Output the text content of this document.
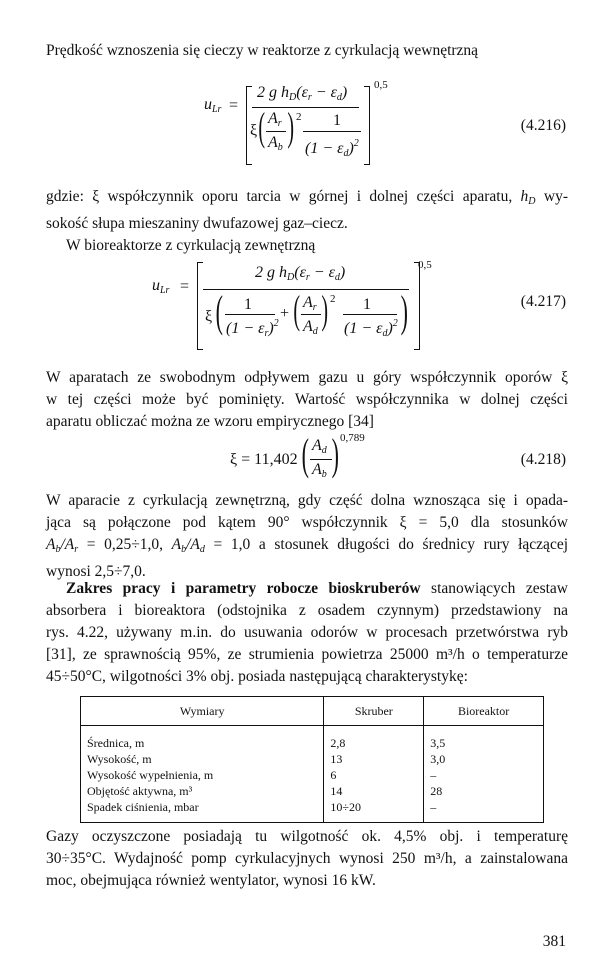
Prędkość wznoszenia się cieczy w reaktorze z cyrkulacją wewnętrzną

$u_{Lr}$ =
2 g $h_D(\varepsilon_r - \varepsilon_d)$
ξ ( $A_r$
$A_b$ ) 2 1
$(1 - \varepsilon_d)^2$
0,5
(4.216)
gdzie: ξ współczynnik oporu tarcia w górnej i dolnej części aparatu, $h_D$ wy-
sokość słupa mieszaniny dwufazowej gaz–ciecz.
W bioreaktorze z cyrkulacją zewnętrzną
$u_{Lr}$ =
2 g $h_D(\varepsilon_r - \varepsilon_d)$
ξ ( 1
$(1 - \varepsilon_r)^2$
+ ( $A_r$
$A_d$ ) 2 1
$(1 - \varepsilon_d)^2$ )
0,5
(4.217)
W aparatach ze swobodnym odpływem gazu u góry współczynnik oporów ξ
w tej części może być pominięty. Wartość współczynnika w dolnej części
aparatu obliczać można ze wzoru empirycznego [34]
ξ = 11,402 ( $A_d$
$A_b$ ) 0,789
(4.218)
W aparacie z cyrkulacją zewnętrzną, gdy część dolna wznosząca się i opada-
jąca są połączone pod kątem 90° współczynnik ξ = 5,0 dla stosunków
$A_b/A_r = 0,25\div 1,0$, $A_b/A_d = 1,0$ a stosunek długości do średnicy rury łączącej
wynosi 2,5÷7,0.
Zakres pracy i parametry robocze bioskruberów stanowiących zestaw
absorbera i bioreaktora (odstojnika z osadem czynnym) przedstawiony na
rys. 4.22, używany m.in. do usuwania odorów w procesach przetwórstwa ryb
[31], ze sprawnością 95%, ze strumienia powietrza 25000 m³/h o temperaturze
45÷50°C, wilgotności 3% obj. posiada następującą charakterystykę:
Wymiary	Skruber	Bioreaktor
Średnica, m	2,8	3,5
Wysokość, m	13	3,0
Wysokość wypełnienia, m	6	–
Objętość aktywna, m³	14	28
Spadek ciśnienia, mbar	10÷20	–
Gazy oczyszczone posiadają tu wilgotność ok. 4,5% obj. i temperaturę
30÷35°C. Wydajność pomp cyrkulacyjnych wynosi 250 m³/h, a zainstalowana
moc, obejmująca również wentylator, wynosi 16 kW.
381
